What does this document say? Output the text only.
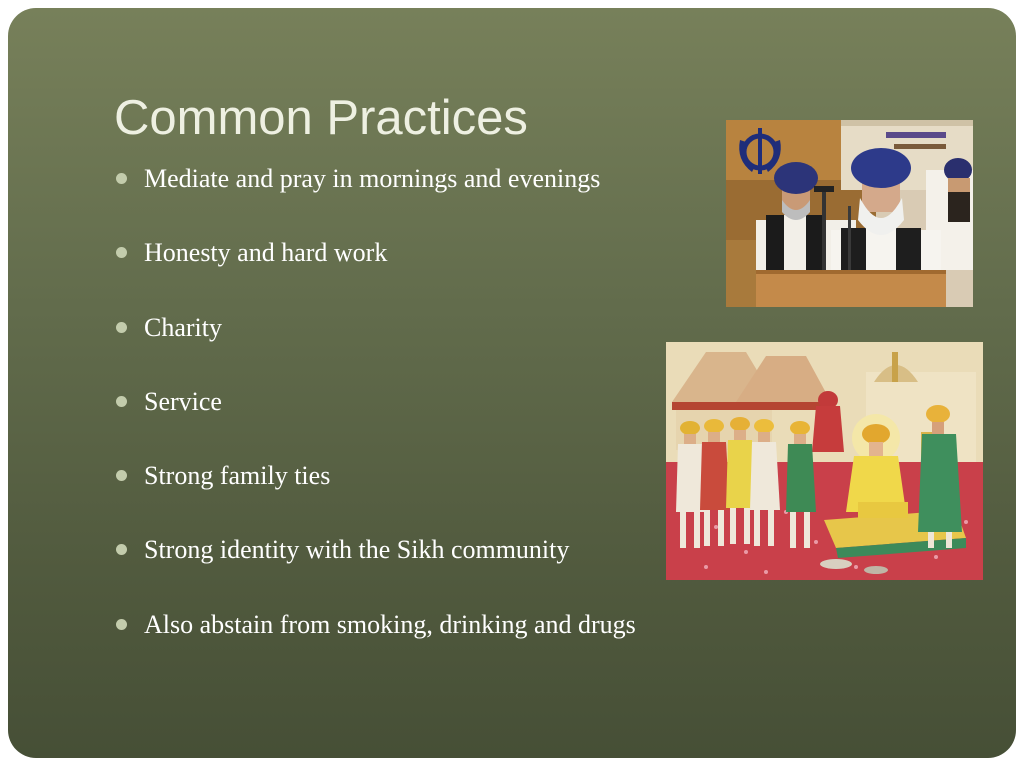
Common Practices
Mediate and pray in mornings and evenings
Honesty and hard work
Charity
Service
Strong family ties
Strong identity with the Sikh community
Also abstain from smoking, drinking and drugs
